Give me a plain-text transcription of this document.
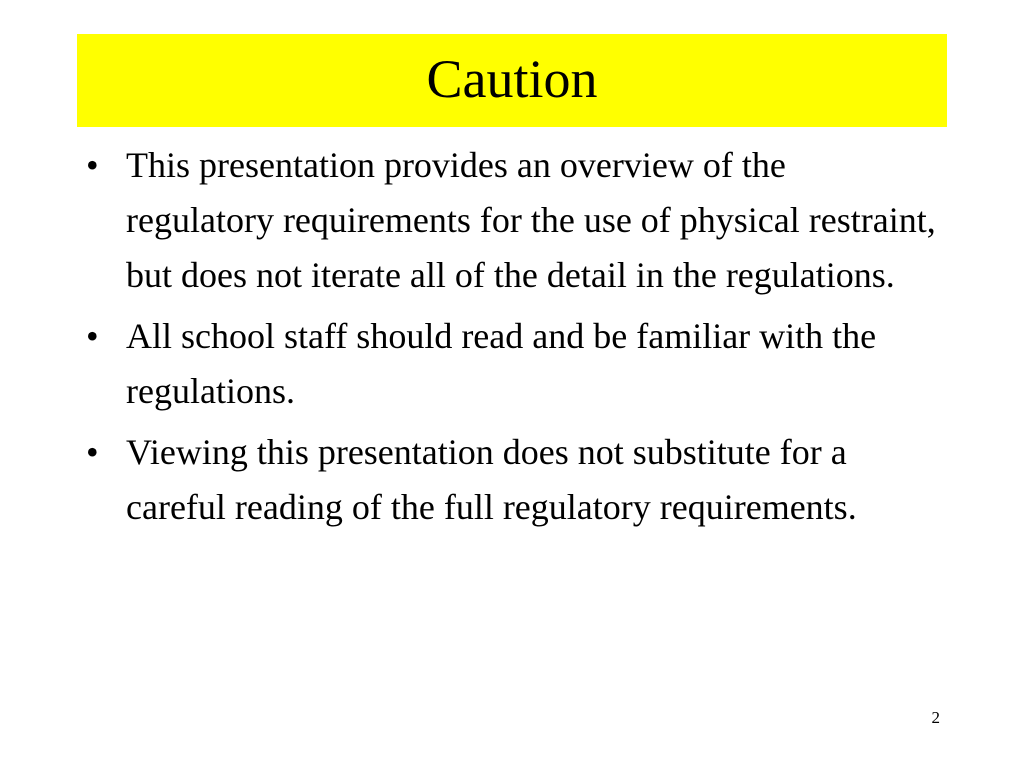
Caution
• This presentation provides an overview of the regulatory requirements for the use of physical restraint, but does not iterate all of the detail in the regulations.
• All school staff should read and be familiar with the regulations.
• Viewing this presentation does not substitute for a careful reading of the full regulatory requirements.
2
